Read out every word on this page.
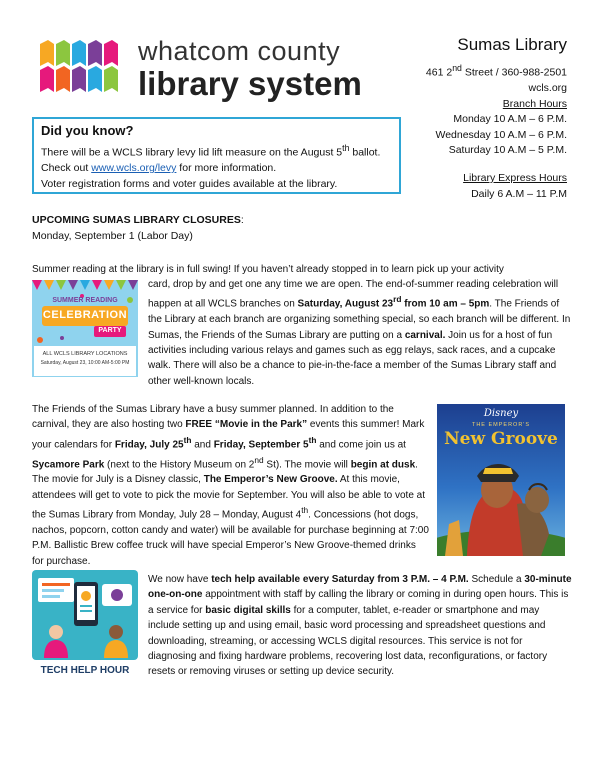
whatcom county
library system
Sumas Library
461 2nd Street / 360-988-2501
wcls.org
Branch Hours
Monday 10 A.M – 6 P.M.
Wednesday 10 A.M – 6 P.M.
Saturday 10 A.M – 5 P.M.
Library Express Hours
Daily 6 A.M – 11 P.M
Did you know?

There will be a WCLS library levy lid lift measure on the August 5th ballot.

Check out www.wcls.org/levy for more information.

Voter registration forms and voter guides available at the library.

UPCOMING SUMAS LIBRARY CLOSURES:
Monday, September 1 (Labor Day)
Summer reading at the library is in full swing! If you haven’t already stopped in to learn pick up your activity
SUMMER READING
CELEBRATION
PARTY
ALL WCLS LIBRARY LOCATIONS
Saturday, August 23, 10:00 AM-5:00 PM
card, drop by and get one any time we are open. The end-of-summer reading celebration will happen at all WCLS branches on Saturday, August 23rd from 10 am – 5pm. The Friends of the Library at each branch are organizing something special, so each branch will be different. In Sumas, the Friends of the Sumas Library are putting on a carnival. Join us for a host of fun activities including various relays and games such as egg relays, sack races, and a cupcake walk. There will also be a chance to pie-in-the-face a member of the Sumas Library staff and other well-known locals.
The Friends of the Sumas Library have a busy summer planned. In addition to the carnival, they are also hosting two FREE “Movie in the Park” events this summer! Mark your calendars for Friday, July 25th and Friday, September 5th and come join us at Sycamore Park (next to the History Museum on 2nd St). The movie will begin at dusk. The movie for July is a Disney classic, The Emperor’s New Groove. At this movie, attendees will get to vote to pick the movie for September. You will also be able to vote at the Sumas Library from Monday, July 28 – Monday, August 4th. Concessions (hot dogs, nachos, popcorn, cotton candy and water) will be available for purchase beginning at 7:00 P.M. Ballistic Brew coffee truck will have special Emperor’s New Groove-themed drinks for purchase.
Disney
THE EMPEROR'S
New Groove
TECH HELP HOUR
We now have tech help available every Saturday from 3 P.M. – 4 P.M. Schedule a 30-minute one-on-one appointment with staff by calling the library or coming in during open hours. This is a service for basic digital skills for a computer, tablet, e-reader or smartphone and may include setting up and using email, basic word processing and spreadsheet questions and downloading, streaming, or accessing WCLS digital resources. This service is not for diagnosing and fixing hardware problems, recovering lost data, reconfigurations, or factory resets or removing viruses or setting up device security.
